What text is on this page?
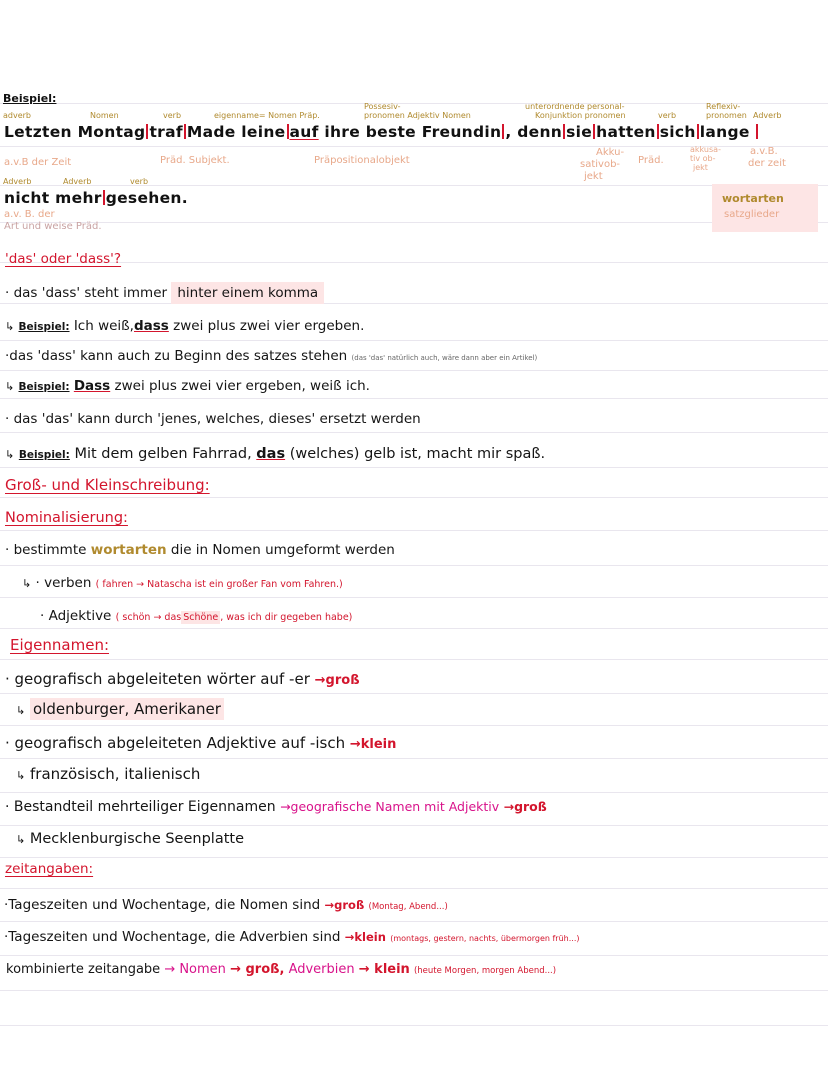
Beispiel:
adverb	Nomen	verb	eigenname= Nomen Präp.
Possesiv-
pronomen Adjektiv Nomen
unterordnende personal-
Konjunktion pronomen	verb
Reflexiv-
pronomen Adverb
Letzten Montag traf Made leine auf ihre beste Freundin , denn sie hatten sich lange
a.v.B der Zeit	Präd. Subjekt.	Präpositionalobjekt
Akku-
sativob-
jekt
Präd.
akkusa-
tiv ob-
jekt
a.v.B.
der zeit
Adverb	Adverb	verb
nicht mehr gesehen.
a.v. B. der
Art und weise Präd.
wortarten
satzglieder
'das' oder 'dass'?
· das 'dass' steht immer hinter einem komma
↳ Beispiel: Ich weiß,dass zwei plus zwei vier ergeben.
·das 'dass' kann auch zu Beginn des satzes stehen (das 'das' natürlich auch, wäre dann aber ein Artikel)
↳ Beispiel: Dass zwei plus zwei vier ergeben, weiß ich.
· das 'das' kann durch 'jenes, welches, dieses' ersetzt werden
↳ Beispiel: Mit dem gelben Fahrrad, das (welches) gelb ist, macht mir spaß.
Groß- und Kleinschreibung:
Nominalisierung:
· bestimmte wortarten die in Nomen umgeformt werden
↳ · verben ( fahren → Natascha ist ein großer Fan vom Fahren.)
· Adjektive ( schön → das Schöne , was ich dir gegeben habe)
Eigennamen:
· geografisch abgeleiteten wörter auf -er →groß
↳ oldenburger, Amerikaner
· geografisch abgeleiteten Adjektive auf -isch →klein
↳ französisch, italienisch
· Bestandteil mehrteiliger Eigennamen →geografische Namen mit Adjektiv →groß
↳ Mecklenburgische Seenplatte
zeitangaben:
·Tageszeiten und Wochentage, die Nomen sind →groß (Montag, Abend...)
·Tageszeiten und Wochentage, die Adverbien sind →klein (montags, gestern, nachts, übermorgen früh...)
kombinierte zeitangabe → Nomen → groß, Adverbien → klein (heute Morgen, morgen Abend...)
